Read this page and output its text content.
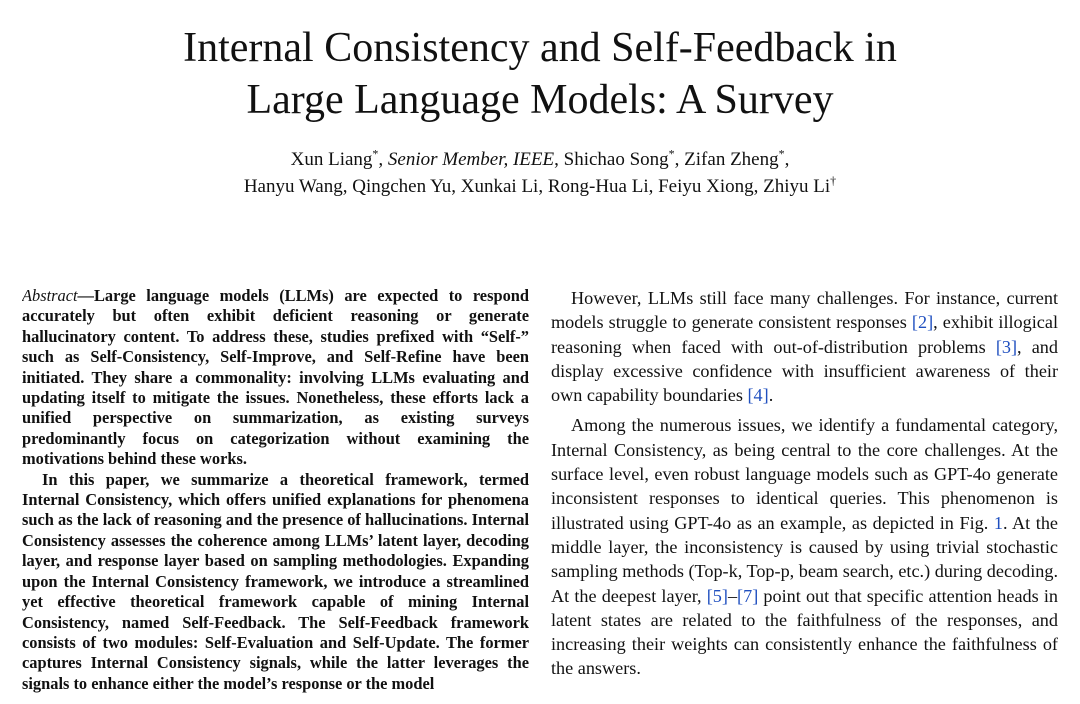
Internal Consistency and Self-Feedback in
Large Language Models: A Survey
Xun Liang*, Senior Member, IEEE, Shichao Song*, Zifan Zheng*,
Hanyu Wang, Qingchen Yu, Xunkai Li, Rong-Hua Li, Feiyu Xiong, Zhiyu Li†

Abstract—Large language models (LLMs) are expected to respond accurately but often exhibit deficient reasoning or generate hallucinatory content. To address these, studies prefixed with “Self-” such as Self-Consistency, Self-Improve, and Self-Refine have been initiated. They share a commonality: involving LLMs evaluating and updating itself to mitigate the issues. Nonetheless, these efforts lack a unified perspective on summarization, as existing surveys predominantly focus on categorization without examining the motivations behind these works.

In this paper, we summarize a theoretical framework, termed Internal Consistency, which offers unified explanations for phenomena such as the lack of reasoning and the presence of hallucinations. Internal Consistency assesses the coherence among LLMs’ latent layer, decoding layer, and response layer based on sampling methodologies. Expanding upon the Internal Consistency framework, we introduce a streamlined yet effective theoretical framework capable of mining Internal Consistency, named Self-Feedback. The Self-Feedback framework consists of two modules: Self-Evaluation and Self-Update. The former captures Internal Consistency signals, while the latter leverages the signals to enhance either the model’s response or the model

However, LLMs still face many challenges. For instance, current models struggle to generate consistent responses [2], exhibit illogical reasoning when faced with out-of-distribution problems [3], and display excessive confidence with insufficient awareness of their own capability boundaries [4].

Among the numerous issues, we identify a fundamental category, Internal Consistency, as being central to the core challenges. At the surface level, even robust language models such as GPT-4o generate inconsistent responses to identical queries. This phenomenon is illustrated using GPT-4o as an example, as depicted in Fig. 1. At the middle layer, the inconsistency is caused by using trivial stochastic sampling methods (Top-k, Top-p, beam search, etc.) during decoding. At the deepest layer, [5]–[7] point out that specific attention heads in latent states are related to the faithfulness of the responses, and increasing their weights can consistently enhance the faithfulness of the answers.
